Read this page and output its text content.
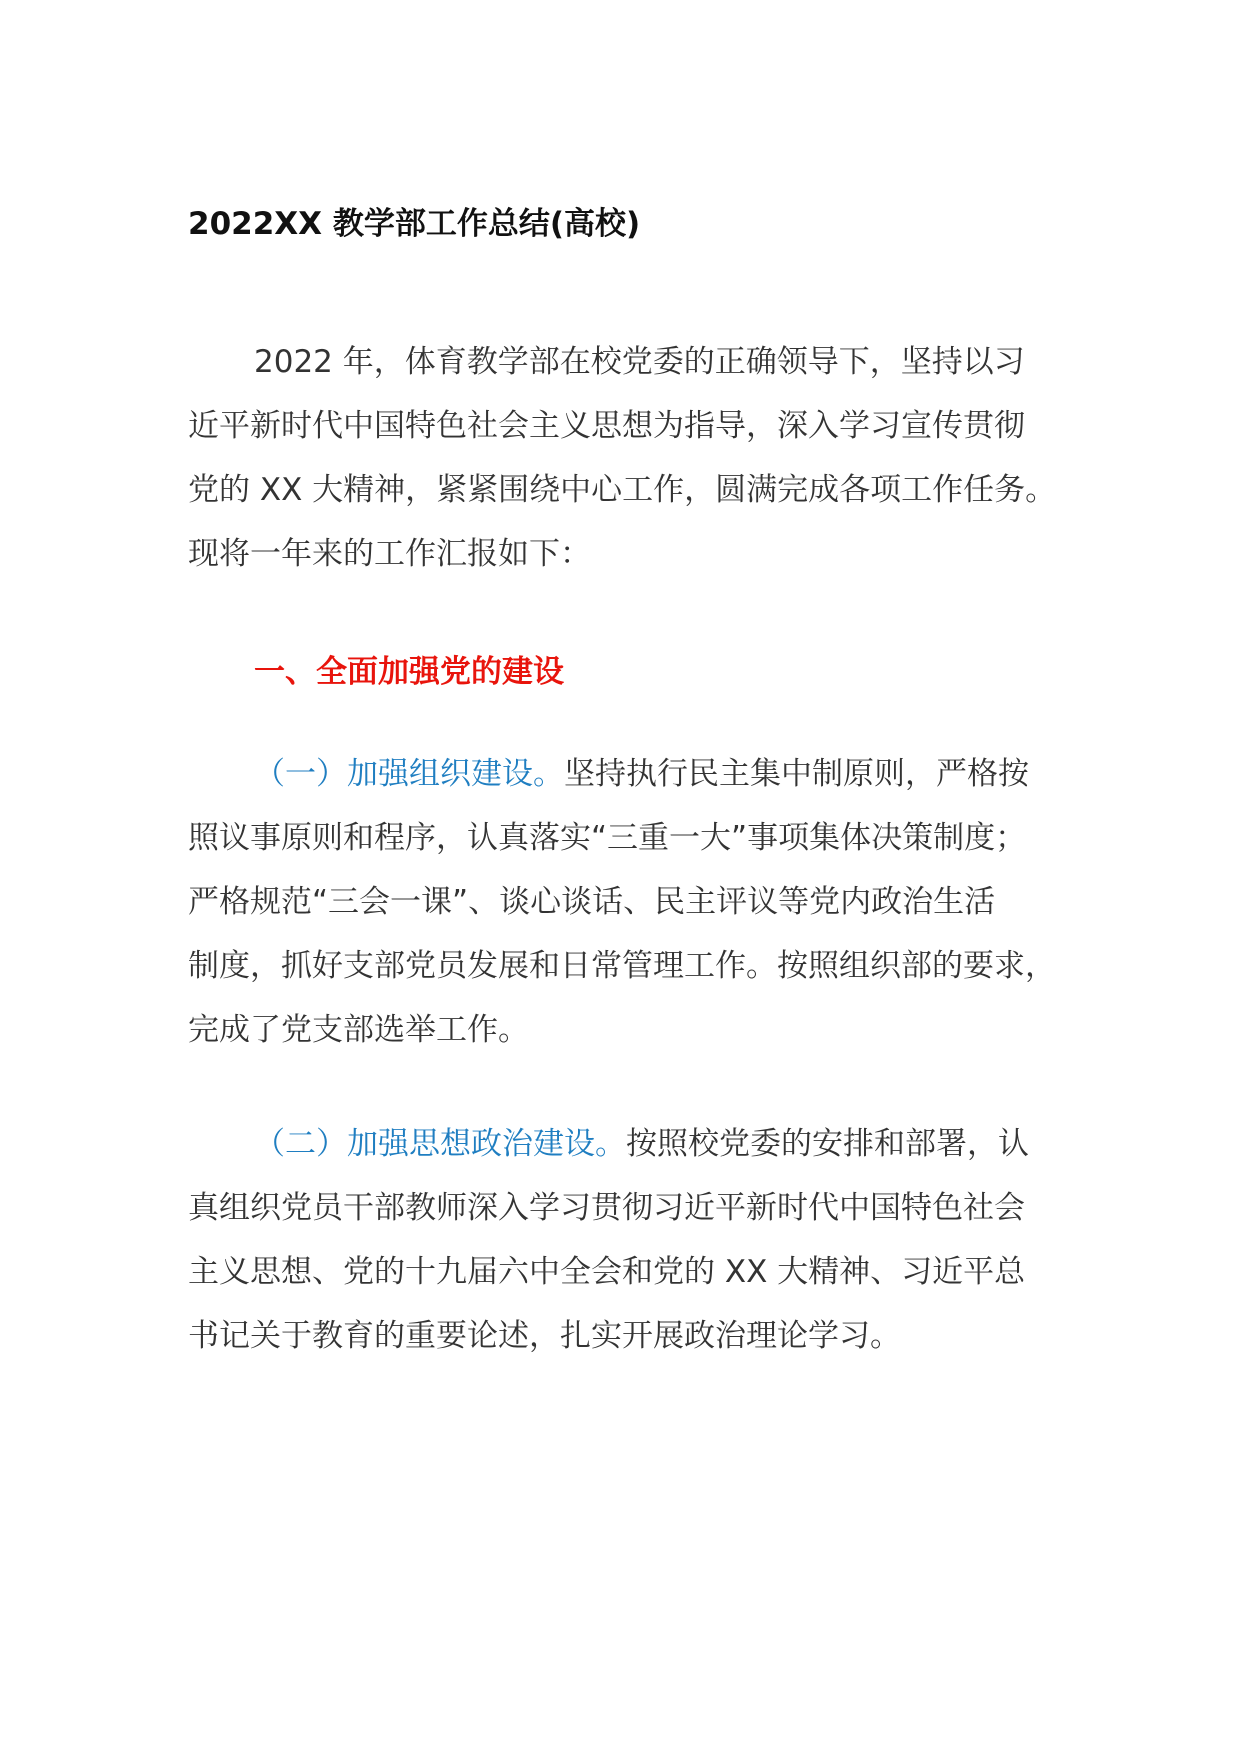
2022XX 教学部工作总结(高校)
2022 年，体育教学部在校党委的正确领导下，坚持以习
近平新时代中国特色社会主义思想为指导，深入学习宣传贯彻
党的 XX 大精神，紧紧围绕中心工作，圆满完成各项工作任务。
现将一年来的工作汇报如下：
一、全面加强党的建设
（一）加强组织建设。坚持执行民主集中制原则，严格按
照议事原则和程序，认真落实“三重一大”事项集体决策制度；
严格规范“三会一课”、谈心谈话、民主评议等党内政治生活
制度，抓好支部党员发展和日常管理工作。按照组织部的要求，
完成了党支部选举工作。
（二）加强思想政治建设。按照校党委的安排和部署，认
真组织党员干部教师深入学习贯彻习近平新时代中国特色社会
主义思想、党的十九届六中全会和党的 XX 大精神、习近平总
书记关于教育的重要论述，扎实开展政治理论学习。
